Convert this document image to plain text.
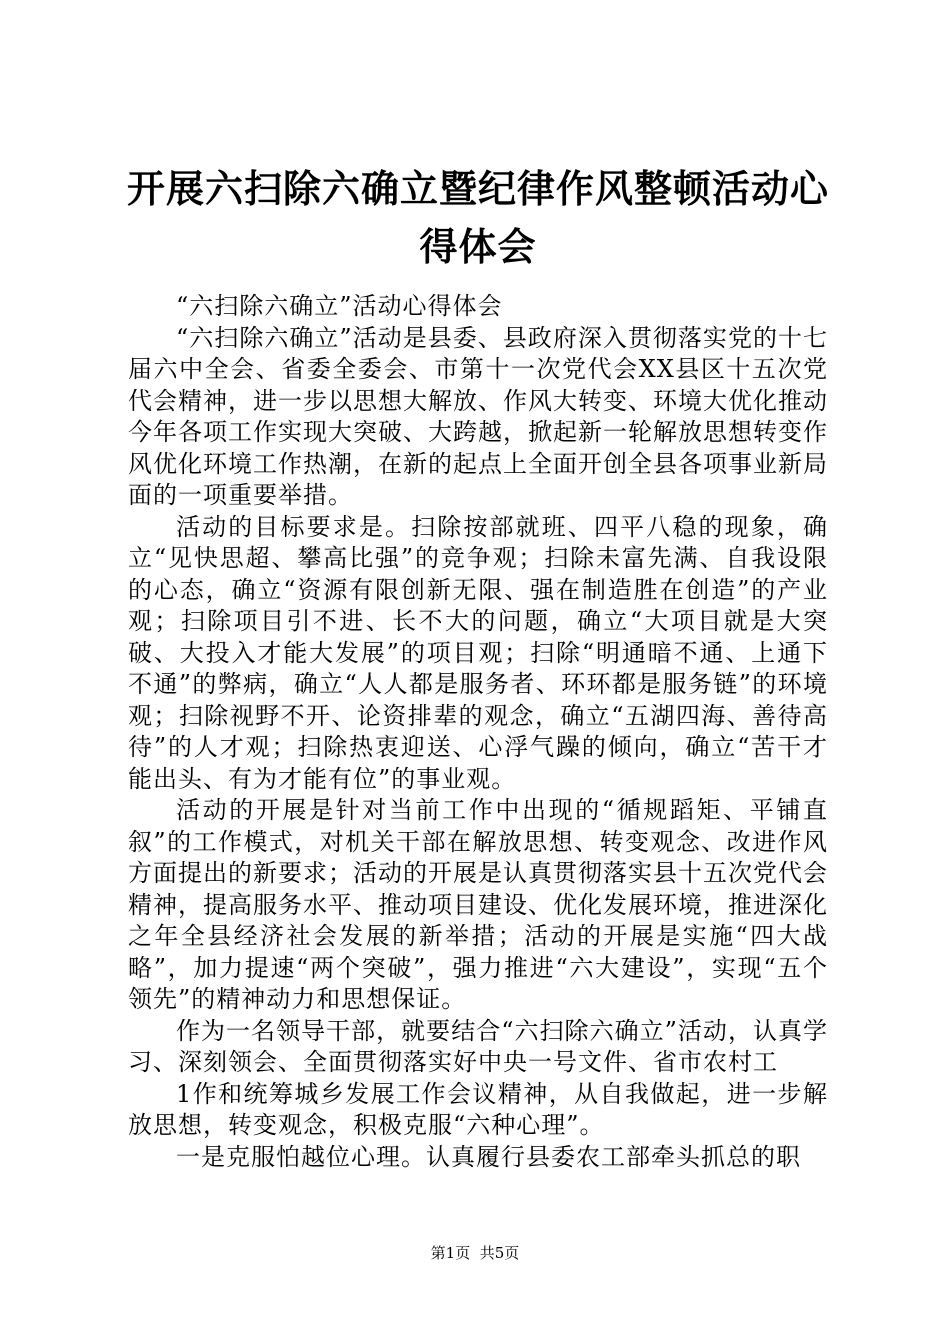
开展六扫除六确立暨纪律作风整顿活动心得体会

“六扫除六确立”活动心得体会

“六扫除六确立”活动是县委、县政府深入贯彻落实党的十七届六中全会、省委全委会、市第十一次党代会XX县区十五次党代会精神，进一步以思想大解放、作风大转变、环境大优化推动今年各项工作实现大突破、大跨越，掀起新一轮解放思想转变作风优化环境工作热潮，在新的起点上全面开创全县各项事业新局面的一项重要举措。

活动的目标要求是。扫除按部就班、四平八稳的现象，确立“见快思超、攀高比强”的竞争观；扫除未富先满、自我设限的心态，确立“资源有限创新无限、强在制造胜在创造”的产业观；扫除项目引不进、长不大的问题，确立“大项目就是大突破、大投入才能大发展”的项目观；扫除“明通暗不通、上通下不通”的弊病，确立“人人都是服务者、环环都是服务链”的环境观；扫除视野不开、论资排辈的观念，确立“五湖四海、善待高待”的人才观；扫除热衷迎送、心浮气躁的倾向，确立“苦干才能出头、有为才能有位”的事业观。

活动的开展是针对当前工作中出现的“循规蹈矩、平铺直叙”的工作模式，对机关干部在解放思想、转变观念、改进作风方面提出的新要求；活动的开展是认真贯彻落实县十五次党代会精神，提高服务水平、推动项目建设、优化发展环境，推进深化之年全县经济社会发展的新举措；活动的开展是实施“四大战略”，加力提速“两个突破”，强力推进“六大建设”，实现“五个领先”的精神动力和思想保证。

作为一名领导干部，就要结合“六扫除六确立”活动，认真学习、深刻领会、全面贯彻落实好中央一号文件、省市农村工

1作和统筹城乡发展工作会议精神，从自我做起，进一步解放思想，转变观念，积极克服“六种心理”。

一是克服怕越位心理。认真履行县委农工部牵头抓总的职

第1页 共5页
